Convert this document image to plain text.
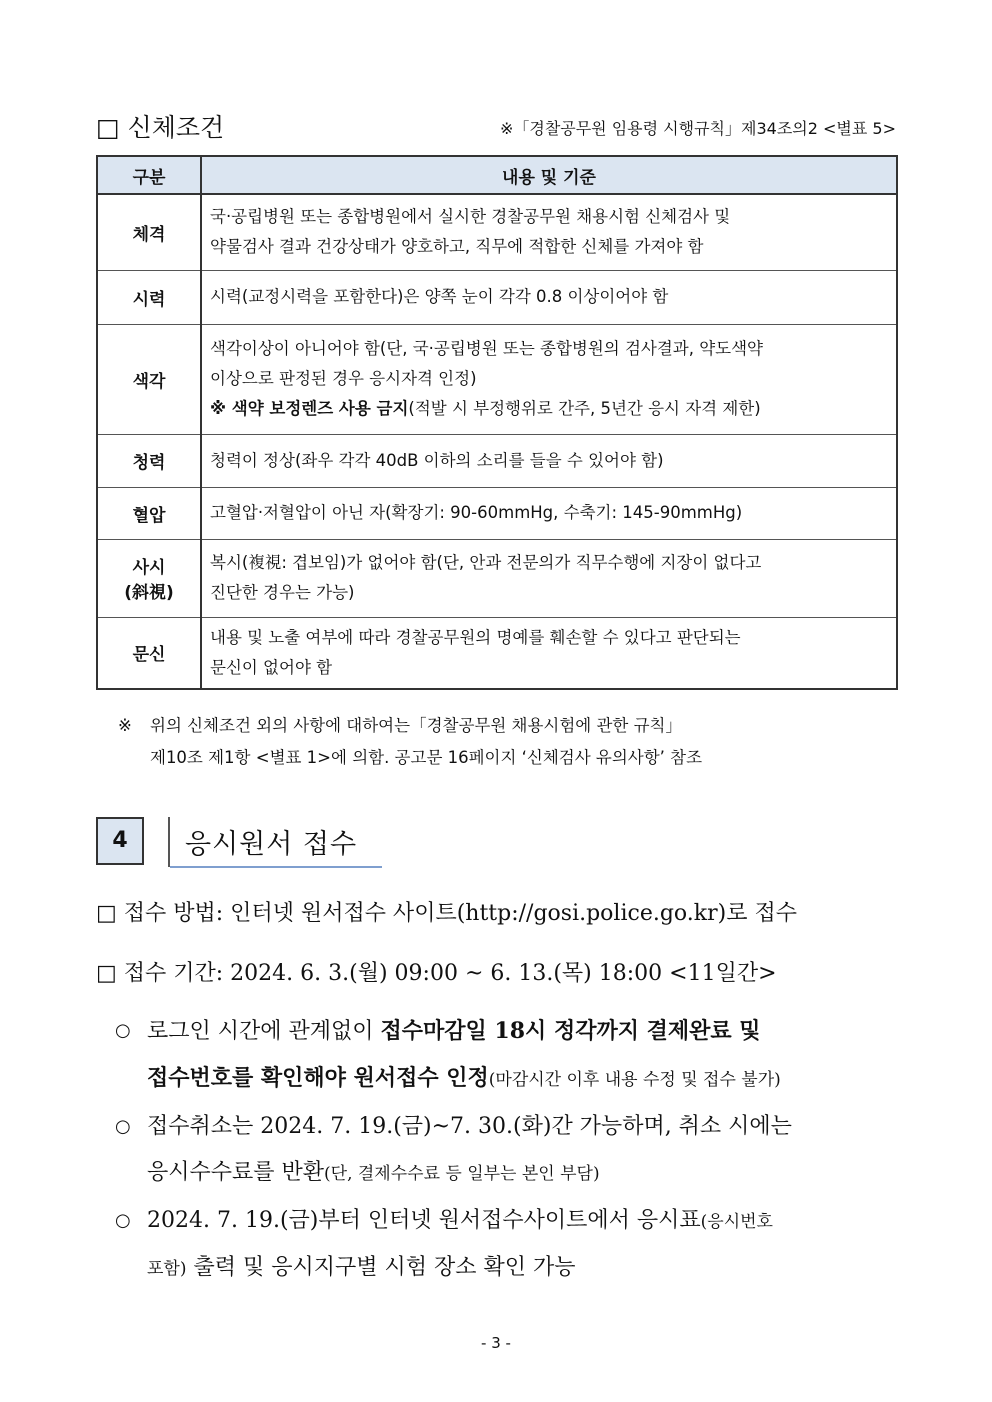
□ 신체조건	※「경찰공무원 임용령 시행규칙」제34조의2 <별표 5>
구분	내용 및 기준
체격	국·공립병원 또는 종합병원에서 실시한 경찰공무원 채용시험 신체검사 및
약물검사 결과 건강상태가 양호하고, 직무에 적합한 신체를 가져야 함

시력	시력(교정시력을 포함한다)은 양쪽 눈이 각각 0.8 이상이어야 함

색각	색각이상이 아니어야 함(단, 국·공립병원 또는 종합병원의 검사결과, 약도색약
이상으로 판정된 경우 응시자격 인정)
※ 색약 보정렌즈 사용 금지(적발 시 부정행위로 간주, 5년간 응시 자격 제한)

청력	청력이 정상(좌우 각각 40dB 이하의 소리를 들을 수 있어야 함)

혈압	고혈압·저혈압이 아닌 자(확장기: 90-60mmHg, 수축기: 145-90mmHg)

사시
(斜視)	복시(複視: 겹보임)가 없어야 함(단, 안과 전문의가 직무수행에 지장이 없다고
진단한 경우는 가능)

문신	내용 및 노출 여부에 따라 경찰공무원의 명예를 훼손할 수 있다고 판단되는
문신이 없어야 함
※ 위의 신체조건 외의 사항에 대하여는「경찰공무원 채용시험에 관한 규칙」
제10조 제1항 <별표 1>에 의함. 공고문 16페이지 ‘신체검사 유의사항’ 참조
4	응시원서 접수
□ 접수 방법: 인터넷 원서접수 사이트(http://gosi.police.go.kr)로 접수
□ 접수 기간: 2024. 6. 3.(월) 09:00 ~ 6. 13.(목) 18:00 <11일간>
○ 로그인 시간에 관계없이 접수마감일 18시 정각까지 결제완료 및
접수번호를 확인해야 원서접수 인정(마감시간 이후 내용 수정 및 접수 불가)
○ 접수취소는 2024. 7. 19.(금)~7. 30.(화)간 가능하며, 취소 시에는
응시수수료를 반환(단, 결제수수료 등 일부는 본인 부담)
○ 2024. 7. 19.(금)부터 인터넷 원서접수사이트에서 응시표(응시번호
포함) 출력 및 응시지구별 시험 장소 확인 가능
- 3 -
